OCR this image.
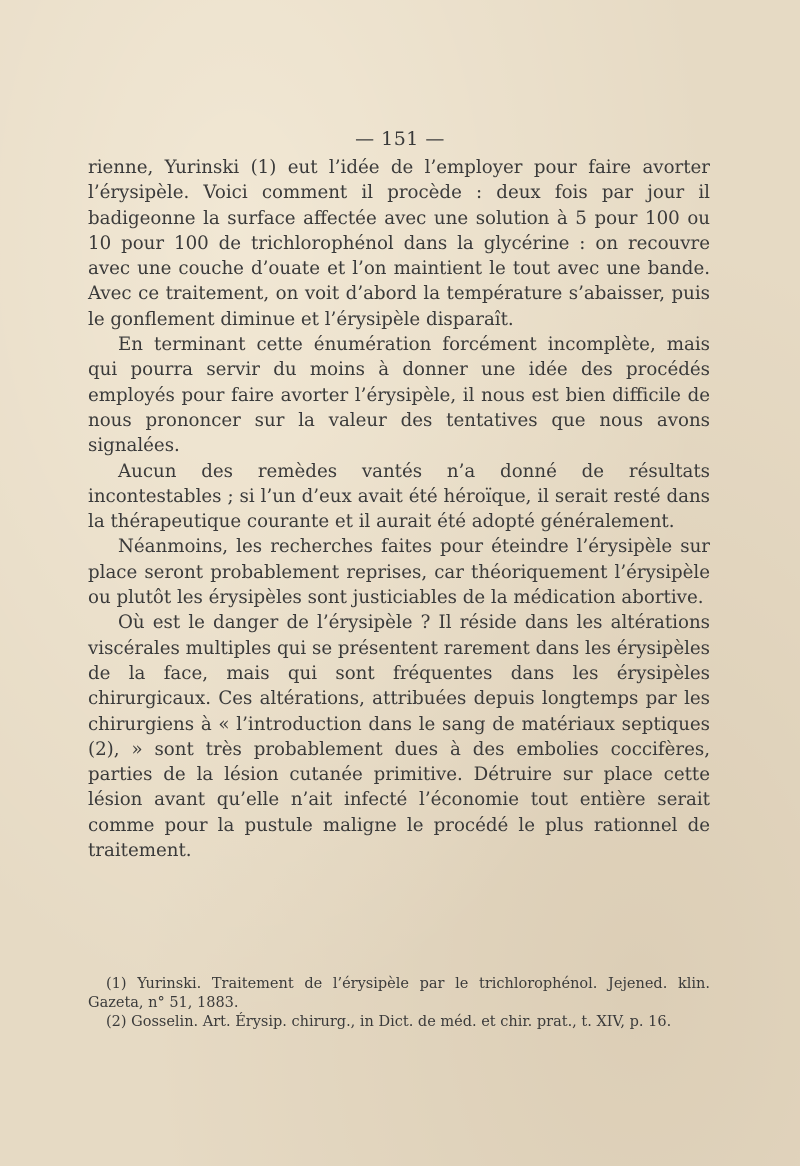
— 151 —

rienne, Yurinski (1) eut l’idée de l’employer pour faire avorter l’érysipèle. Voici comment il procède : deux fois par jour il badigeonne la surface affectée avec une solution à 5 pour 100 ou 10 pour 100 de trichlorophénol dans la glycérine : on recouvre avec une couche d’ouate et l’on maintient le tout avec une bande. Avec ce traitement, on voit d’abord la température s’abaisser, puis le gonflement diminue et l’érysipèle disparaît.

En terminant cette énumération forcément incomplète, mais qui pourra servir du moins à donner une idée des procédés employés pour faire avorter l’érysipèle, il nous est bien difficile de nous prononcer sur la valeur des tentatives que nous avons signalées.

Aucun des remèdes vantés n’a donné de résultats incontestables ; si l’un d’eux avait été héroïque, il serait resté dans la thérapeutique courante et il aurait été adopté généralement.

Néanmoins, les recherches faites pour éteindre l’érysipèle sur place seront probablement reprises, car théoriquement l’érysipèle ou plutôt les érysipèles sont justiciables de la médication abortive.

Où est le danger de l’érysipèle ? Il réside dans les altérations viscérales multiples qui se présentent rarement dans les érysipèles de la face, mais qui sont fréquentes dans les érysipèles chirurgicaux. Ces altérations, attribuées depuis longtemps par les chirurgiens à « l’introduction dans le sang de matériaux septiques (2), » sont très probablement dues à des embolies coccifères, parties de la lésion cutanée primitive. Détruire sur place cette lésion avant qu’elle n’ait infecté l’économie tout entière serait comme pour la pustule maligne le procédé le plus rationnel de traitement.

(1) Yurinski. Traitement de l’érysipèle par le trichlorophénol. Jejened. klin. Gazeta, n° 51, 1883.

(2) Gosselin. Art. Érysip. chirurg., in Dict. de méd. et chir. prat., t. XIV, p. 16.
